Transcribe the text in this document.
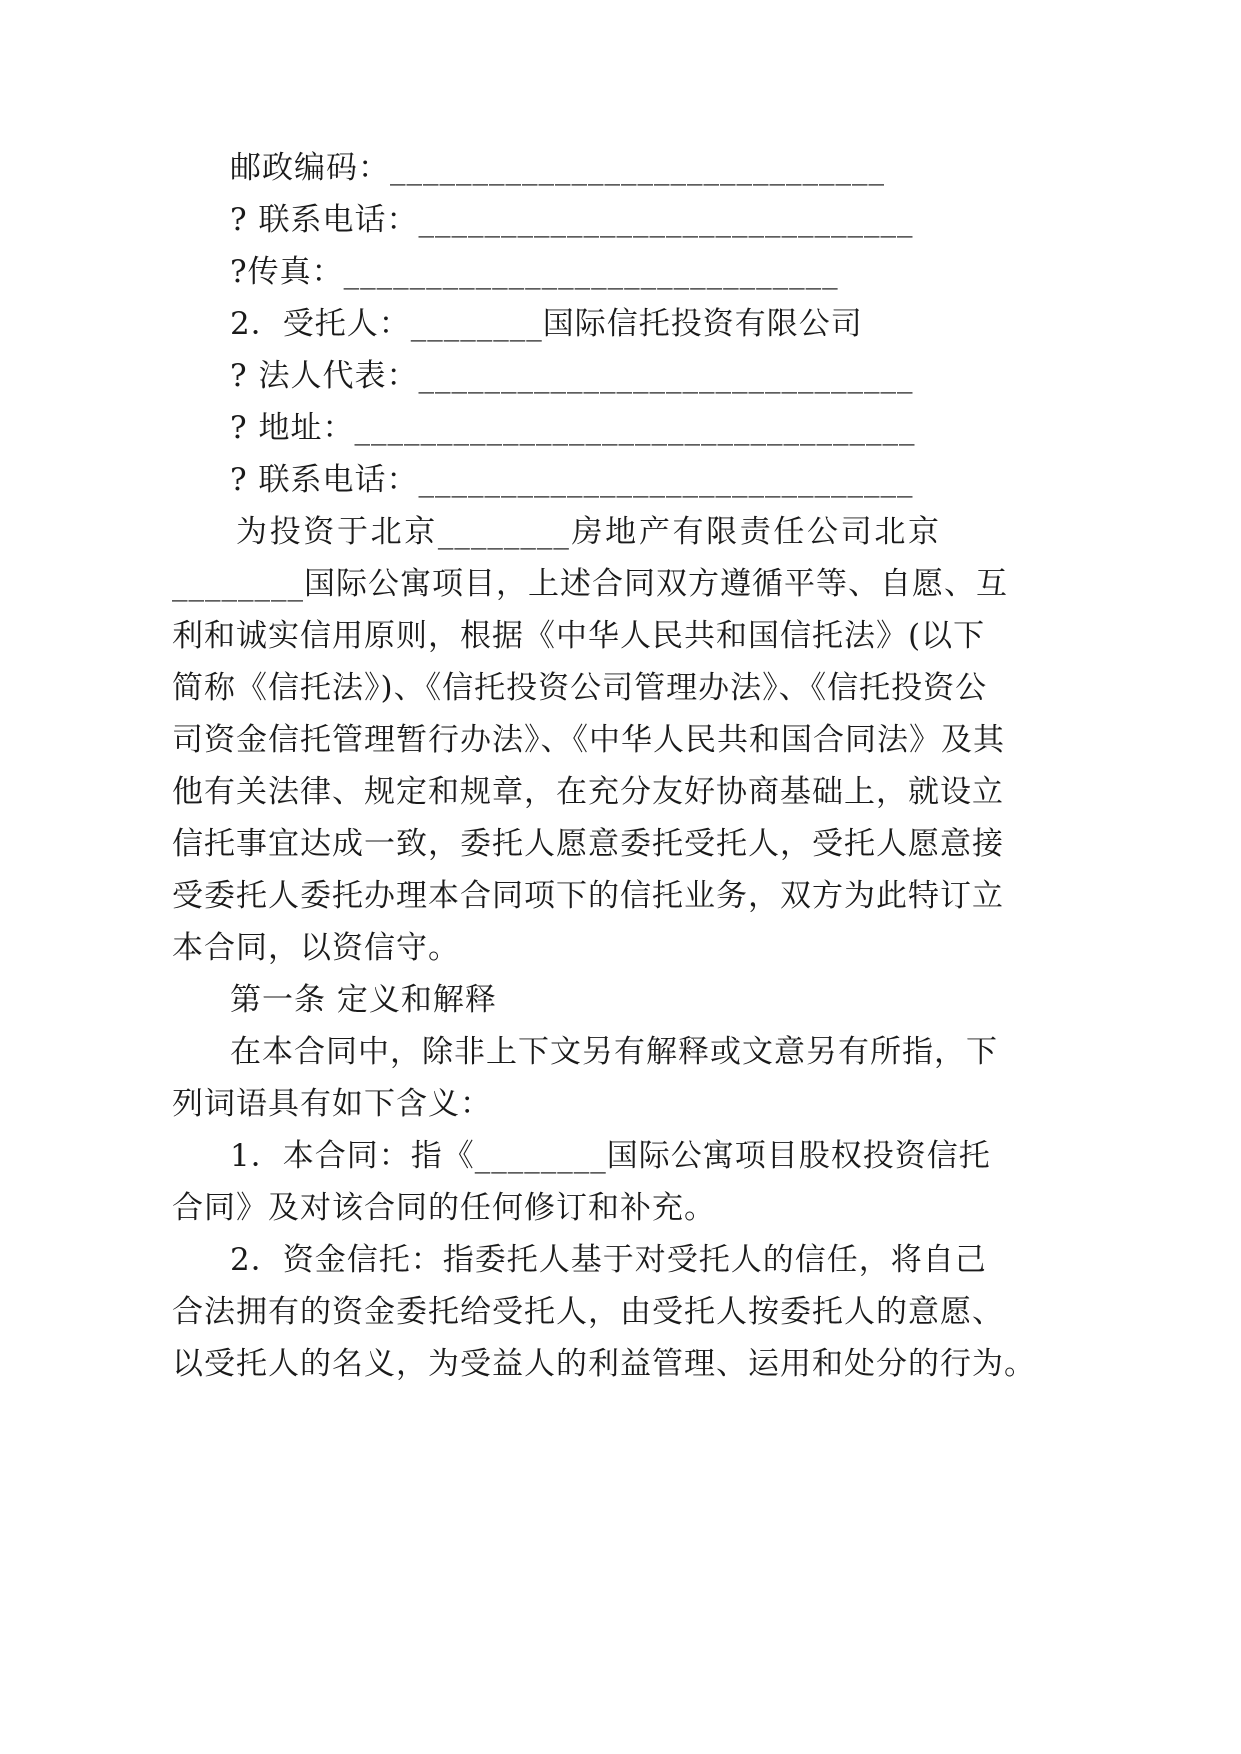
邮政编码：______________________________
? 联系电话：______________________________
?传真：______________________________
2．受托人：________国际信托投资有限公司
? 法人代表：______________________________
? 地址：__________________________________
? 联系电话：______________________________
为投资于北京________房地产有限责任公司北京
________国际公寓项目，上述合同双方遵循平等、自愿、互
利和诚实信用原则，根据《中华人民共和国信托法》(以下
简称《信托法》)、《信托投资公司管理办法》、《信托投资公
司资金信托管理暂行办法》、《中华人民共和国合同法》及其
他有关法律、规定和规章，在充分友好协商基础上，就设立
信托事宜达成一致，委托人愿意委托受托人，受托人愿意接
受委托人委托办理本合同项下的信托业务，双方为此特订立
本合同，以资信守。
第一条 定义和解释
在本合同中，除非上下文另有解释或文意另有所指，下
列词语具有如下含义：
1．本合同：指《________国际公寓项目股权投资信托
合同》及对该合同的任何修订和补充。
2．资金信托：指委托人基于对受托人的信任，将自己
合法拥有的资金委托给受托人，由受托人按委托人的意愿、
以受托人的名义，为受益人的利益管理、运用和处分的行为。
